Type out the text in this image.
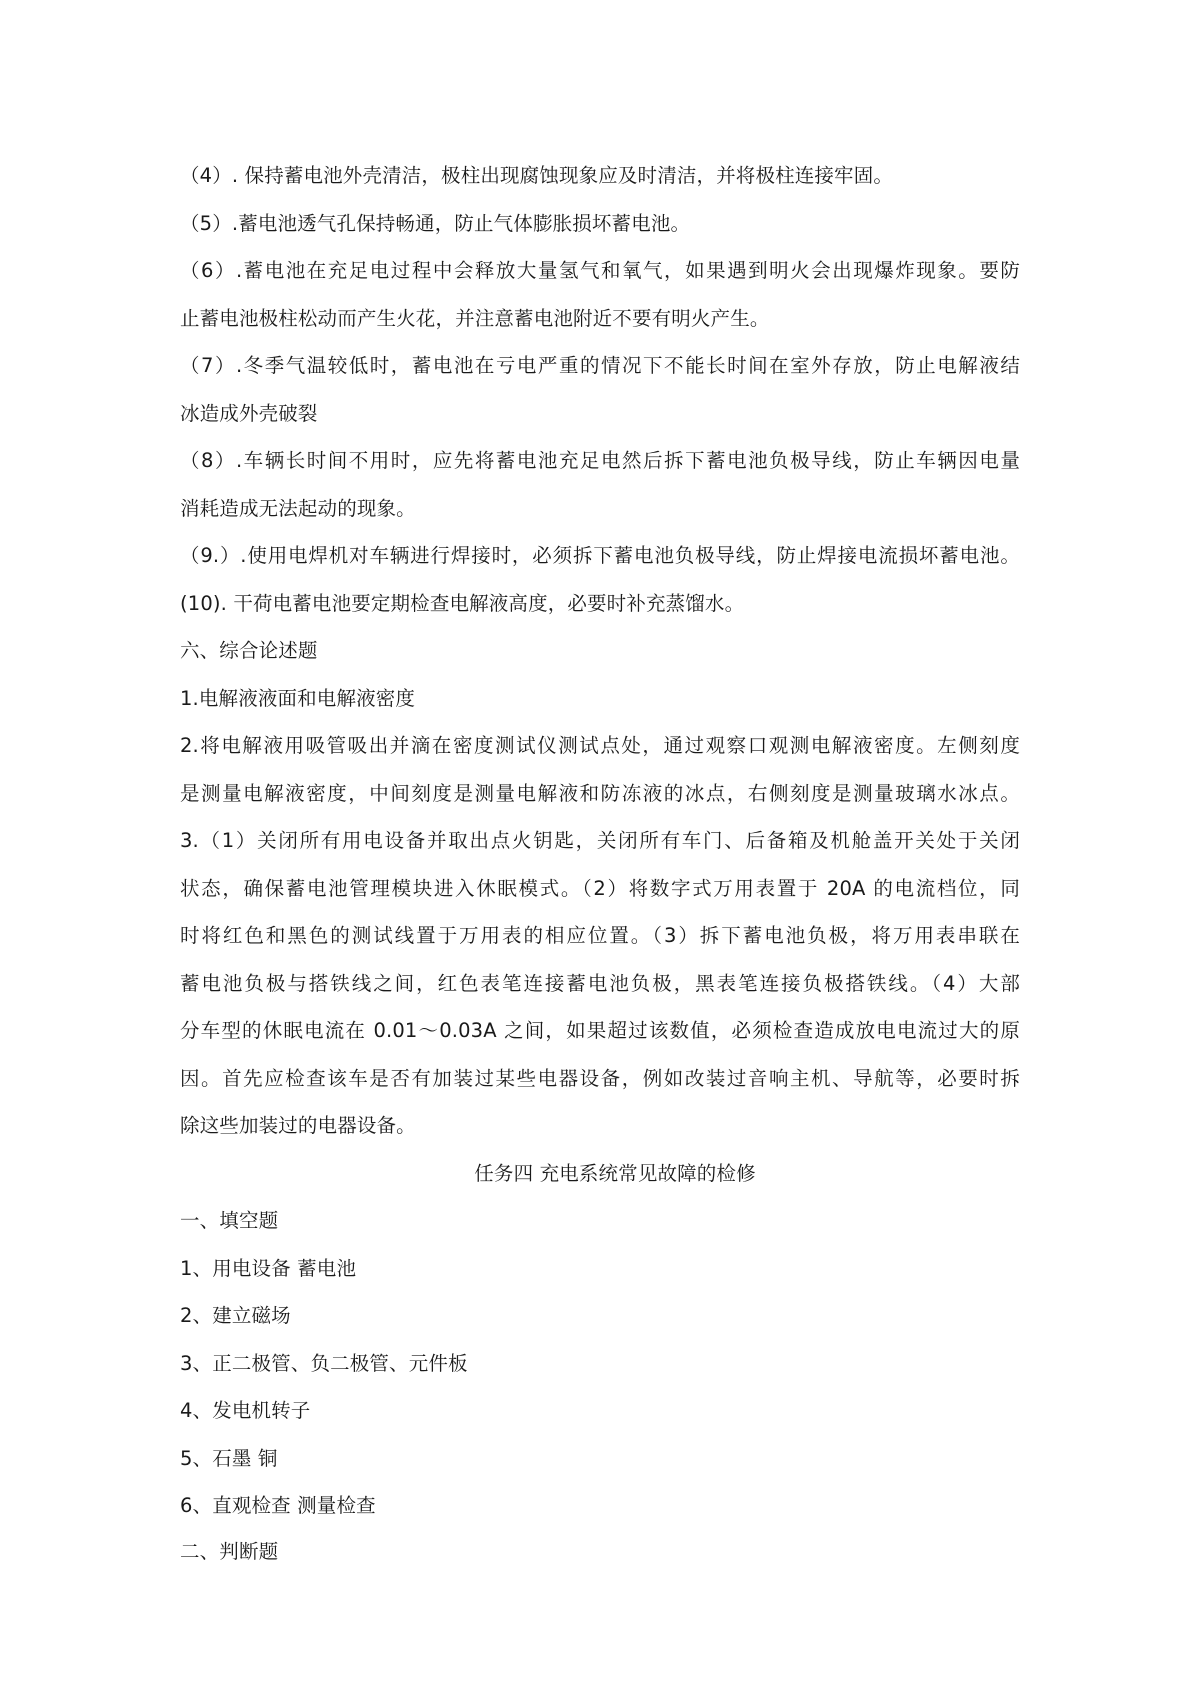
（4）. 保持蓄电池外壳清洁，极柱出现腐蚀现象应及时清洁，并将极柱连接牢固。
（5）.蓄电池透气孔保持畅通，防止气体膨胀损坏蓄电池。
（6）.蓄电池在充足电过程中会释放大量氢气和氧气，如果遇到明火会出现爆炸现象。要防
止蓄电池极柱松动而产生火花，并注意蓄电池附近不要有明火产生。
（7）.冬季气温较低时，蓄电池在亏电严重的情况下不能长时间在室外存放，防止电解液结
冰造成外壳破裂
（8）.车辆长时间不用时，应先将蓄电池充足电然后拆下蓄电池负极导线，防止车辆因电量
消耗造成无法起动的现象。
（9.）.使用电焊机对车辆进行焊接时，必须拆下蓄电池负极导线，防止焊接电流损坏蓄电池。
(10). 干荷电蓄电池要定期检查电解液高度，必要时补充蒸馏水。
六、综合论述题
1.电解液液面和电解液密度
2.将电解液用吸管吸出并滴在密度测试仪测试点处，通过观察口观测电解液密度。左侧刻度
是测量电解液密度，中间刻度是测量电解液和防冻液的冰点，右侧刻度是测量玻璃水冰点。
3.（1）关闭所有用电设备并取出点火钥匙，关闭所有车门、后备箱及机舱盖开关处于关闭
状态，确保蓄电池管理模块进入休眠模式。（2）将数字式万用表置于 20A 的电流档位，同
时将红色和黑色的测试线置于万用表的相应位置。（3）拆下蓄电池负极，将万用表串联在
蓄电池负极与搭铁线之间，红色表笔连接蓄电池负极，黑表笔连接负极搭铁线。（4）大部
分车型的休眠电流在 0.01～0.03A 之间，如果超过该数值，必须检查造成放电电流过大的原
因。首先应检查该车是否有加装过某些电器设备，例如改装过音响主机、导航等，必要时拆
除这些加装过的电器设备。
任务四 充电系统常见故障的检修
一、填空题
1、用电设备 蓄电池
2、建立磁场
3、正二极管、负二极管、元件板
4、发电机转子
5、石墨 铜
6、直观检查 测量检查
二、判断题
